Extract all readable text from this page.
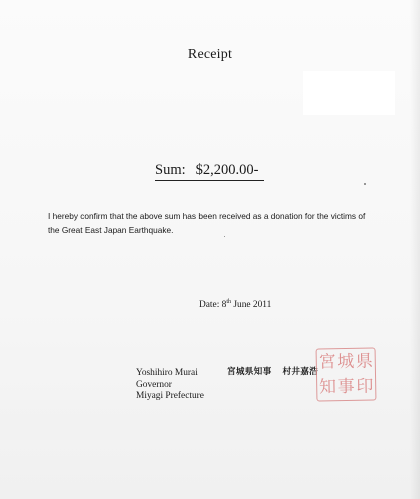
Receipt
Sum: $2,200.00-
I hereby confirm that the above sum has been received as a donation for the victims of
the Great East Japan Earthquake.
Date: 8th June 2011
Yoshihiro Murai
Governor
Miyagi Prefecture
宮城県知事 村井嘉浩 宮 城 県
知 事 印
